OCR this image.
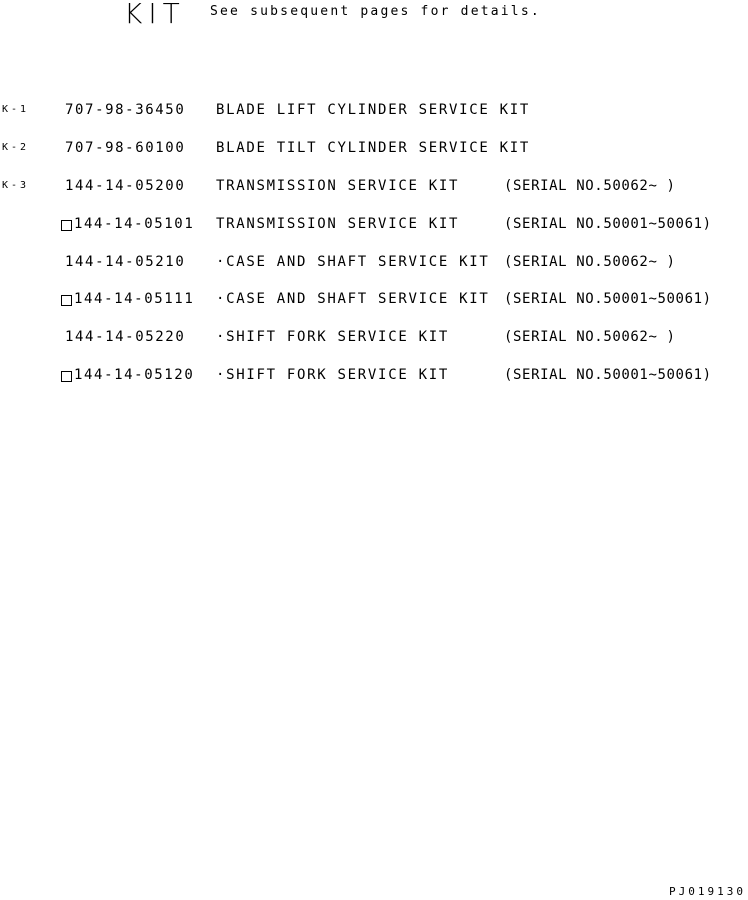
KIT See subsequent pages for details.
K-1	707-98-36450 BLADE LIFT CYLINDER SERVICE KIT
K-2	707-98-60100 BLADE TILT CYLINDER SERVICE KIT
K-3	144-14-05200 TRANSMISSION SERVICE KIT	(SERIAL NO.50062~ )
144-14-05101 TRANSMISSION SERVICE KIT	(SERIAL NO.50001~50061)
144-14-05210 ·CASE AND SHAFT SERVICE KIT (SERIAL NO.50062~ )
144-14-05111 ·CASE AND SHAFT SERVICE KIT (SERIAL NO.50001~50061)
144-14-05220 ·SHIFT FORK SERVICE KIT	(SERIAL NO.50062~ )
144-14-05120 ·SHIFT FORK SERVICE KIT	(SERIAL NO.50001~50061)
PJ019130
